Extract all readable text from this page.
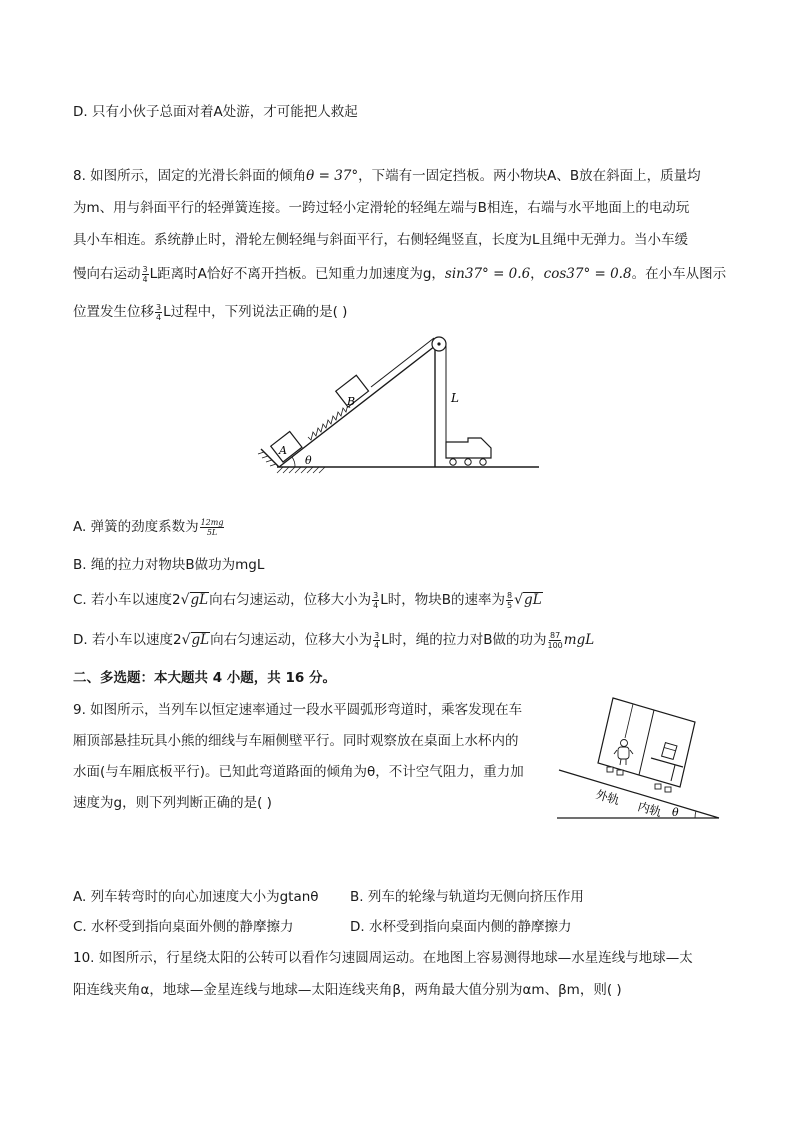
D. 只有小伙子总面对着A处游，才可能把人救起
8. 如图所示，固定的光滑长斜面的倾角θ = 37°，下端有一固定挡板。两小物块A、B放在斜面上，质量均
为m、用与斜面平行的轻弹簧连接。一跨过轻小定滑轮的轻绳左端与B相连，右端与水平地面上的电动玩
具小车相连。系统静止时，滑轮左侧轻绳与斜面平行，右侧轻绳竖直，长度为L且绳中无弹力。当小车缓
慢向右运动 $\frac{3}{4}$ L距离时A恰好不离开挡板。已知重力加速度为g，sin37° = 0.6，cos37° = 0.8。在小车从图示
位置发生位移 $\frac{3}{4}$ L过程中，下列说法正确的是( )
A
B	L
θ
A. 弹簧的劲度系数为 $\frac{12mg}{5L}$
B. 绳的拉力对物块B做功为mgL
C. 若小车以速度2√gL向右匀速运动，位移大小为 $\frac{3}{4}$ L时，物块B的速率为 $\frac{8}{5} √gL$
D. 若小车以速度2√gL向右匀速运动，位移大小为 $\frac{3}{4}$ L时，绳的拉力对B做的功为 $\frac{87}{100}$ mgL
二、多选题：本大题共 4 小题，共 16 分。
9. 如图所示，当列车以恒定速率通过一段水平圆弧形弯道时，乘客发现在车
厢顶部悬挂玩具小熊的细线与车厢侧壁平行。同时观察放在桌面上水杯内的
水面(与车厢底板平行)。已知此弯道路面的倾角为θ，不计空气阻力，重力加
速度为g，则下列判断正确的是( )
θ
外轨
内轨
A. 列车转弯时的向心加速度大小为gtanθ B. 列车的轮缘与轨道均无侧向挤压作用
C. 水杯受到指向桌面外侧的静摩擦力	D. 水杯受到指向桌面内侧的静摩擦力
10. 如图所示，行星绕太阳的公转可以看作匀速圆周运动。在地图上容易测得地球—水星连线与地球—太
阳连线夹角α，地球—金星连线与地球—太阳连线夹角β，两角最大值分别为αm、βm，则( )
